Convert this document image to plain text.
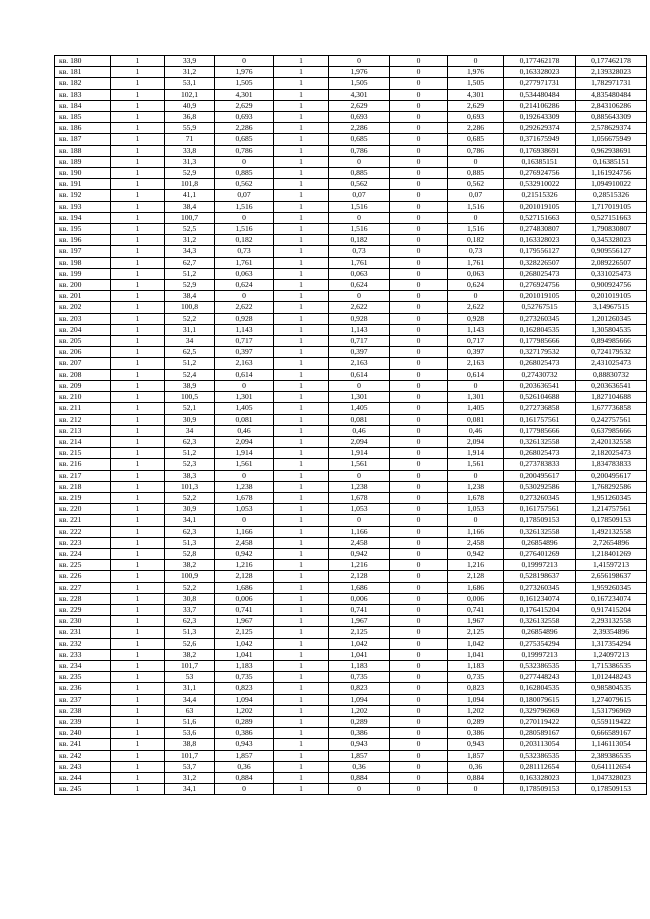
кв. 180	1	33,9	0	1	0	0	0	0,177462178	0,177462178
кв. 181	1	31,2	1,976	1	1,976	0	1,976	0,163328023	2,139328023
кв. 182	1	53,1	1,505	1	1,505	0	1,505	0,277971731	1,782971731
кв. 183	1	102,1	4,301	1	4,301	0	4,301	0,534480484	4,835480484
кв. 184	1	40,9	2,629	1	2,629	0	2,629	0,214106286	2,843106286
кв. 185	1	36,8	0,693	1	0,693	0	0,693	0,192643309	0,885643309
кв. 186	1	55,9	2,286	1	2,286	0	2,286	0,292629374	2,578629374
кв. 187	1	71	0,685	1	0,685	0	0,685	0,371675949	1,056675949
кв. 188	1	33,8	0,786	1	0,786	0	0,786	0,176938691	0,962938691
кв. 189	1	31,3	0	1	0	0	0	0,16385151	0,16385151
кв. 190	1	52,9	0,885	1	0,885	0	0,885	0,276924756	1,161924756
кв. 191	1	101,8	0,562	1	0,562	0	0,562	0,532910022	1,094910022
кв. 192	1	41,1	0,07	1	0,07	0	0,07	0,21515326	0,28515326
кв. 193	1	38,4	1,516	1	1,516	0	1,516	0,201019105	1,717019105
кв. 194	1	100,7	0	1	0	0	0	0,527151663	0,527151663
кв. 195	1	52,5	1,516	1	1,516	0	1,516	0,274830807	1,790830807
кв. 196	1	31,2	0,182	1	0,182	0	0,182	0,163328023	0,345328023
кв. 197	1	34,3	0,73	1	0,73	0	0,73	0,179556127	0,909556127
кв. 198	1	62,7	1,761	1	1,761	0	1,761	0,328226507	2,089226507
кв. 199	1	51,2	0,063	1	0,063	0	0,063	0,268025473	0,331025473
кв. 200	1	52,9	0,624	1	0,624	0	0,624	0,276924756	0,900924756
кв. 201	1	38,4	0	1	0	0	0	0,201019105	0,201019105
кв. 202	1	100,8	2,622	1	2,622	0	2,622	0,52767515	3,14967515
кв. 203	1	52,2	0,928	1	0,928	0	0,928	0,273260345	1,201260345
кв. 204	1	31,1	1,143	1	1,143	0	1,143	0,162804535	1,305804535
кв. 205	1	34	0,717	1	0,717	0	0,717	0,177985666	0,894985666
кв. 206	1	62,5	0,397	1	0,397	0	0,397	0,327179532	0,724179532
кв. 207	1	51,2	2,163	1	2,163	0	2,163	0,268025473	2,431025473
кв. 208	1	52,4	0,614	1	0,614	0	0,614	0,27430732	0,88830732
кв. 209	1	38,9	0	1	0	0	0	0,203636541	0,203636541
кв. 210	1	100,5	1,301	1	1,301	0	1,301	0,526104688	1,827104688
кв. 211	1	52,1	1,405	1	1,405	0	1,405	0,272736858	1,677736858
кв. 212	1	30,9	0,081	1	0,081	0	0,081	0,161757561	0,242757561
кв. 213	1	34	0,46	1	0,46	0	0,46	0,177985666	0,637985666
кв. 214	1	62,3	2,094	1	2,094	0	2,094	0,326132558	2,420132558
кв. 215	1	51,2	1,914	1	1,914	0	1,914	0,268025473	2,182025473
кв. 216	1	52,3	1,561	1	1,561	0	1,561	0,273783833	1,834783833
кв. 217	1	38,3	0	1	0	0	0	0,200495617	0,200495617
кв. 218	1	101,3	1,238	1	1,238	0	1,238	0,530292586	1,768292586
кв. 219	1	52,2	1,678	1	1,678	0	1,678	0,273260345	1,951260345
кв. 220	1	30,9	1,053	1	1,053	0	1,053	0,161757561	1,214757561
кв. 221	1	34,1	0	1	0	0	0	0,178509153	0,178509153
кв. 222	1	62,3	1,166	1	1,166	0	1,166	0,326132558	1,492132558
кв. 223	1	51,3	2,458	1	2,458	0	2,458	0,26854896	2,72654896
кв. 224	1	52,8	0,942	1	0,942	0	0,942	0,276401269	1,218401269
кв. 225	1	38,2	1,216	1	1,216	0	1,216	0,19997213	1,41597213
кв. 226	1	100,9	2,128	1	2,128	0	2,128	0,528198637	2,656198637
кв. 227	1	52,2	1,686	1	1,686	0	1,686	0,273260345	1,959260345
кв. 228	1	30,8	0,006	1	0,006	0	0,006	0,161234074	0,167234074
кв. 229	1	33,7	0,741	1	0,741	0	0,741	0,176415204	0,917415204
кв. 230	1	62,3	1,967	1	1,967	0	1,967	0,326132558	2,293132558
кв. 231	1	51,3	2,125	1	2,125	0	2,125	0,26854896	2,39354896
кв. 232	1	52,6	1,042	1	1,042	0	1,042	0,275354294	1,317354294
кв. 233	1	38,2	1,041	1	1,041	0	1,041	0,19997213	1,24097213
кв. 234	1	101,7	1,183	1	1,183	0	1,183	0,532386535	1,715386535
кв. 235	1	53	0,735	1	0,735	0	0,735	0,277448243	1,012448243
кв. 236	1	31,1	0,823	1	0,823	0	0,823	0,162804535	0,985804535
кв. 237	1	34,4	1,094	1	1,094	0	1,094	0,180079615	1,274079615
кв. 238	1	63	1,202	1	1,202	0	1,202	0,329796969	1,531796969
кв. 239	1	51,6	0,289	1	0,289	0	0,289	0,270119422	0,559119422
кв. 240	1	53,6	0,386	1	0,386	0	0,386	0,280589167	0,666589167
кв. 241	1	38,8	0,943	1	0,943	0	0,943	0,203113054	1,146113054
кв. 242	1	101,7	1,857	1	1,857	0	1,857	0,532386535	2,389386535
кв. 243	1	53,7	0,36	1	0,36	0	0,36	0,281112654	0,641112654
кв. 244	1	31,2	0,884	1	0,884	0	0,884	0,163328023	1,047328023
кв. 245	1	34,1	0	1	0	0	0	0,178509153	0,178509153
